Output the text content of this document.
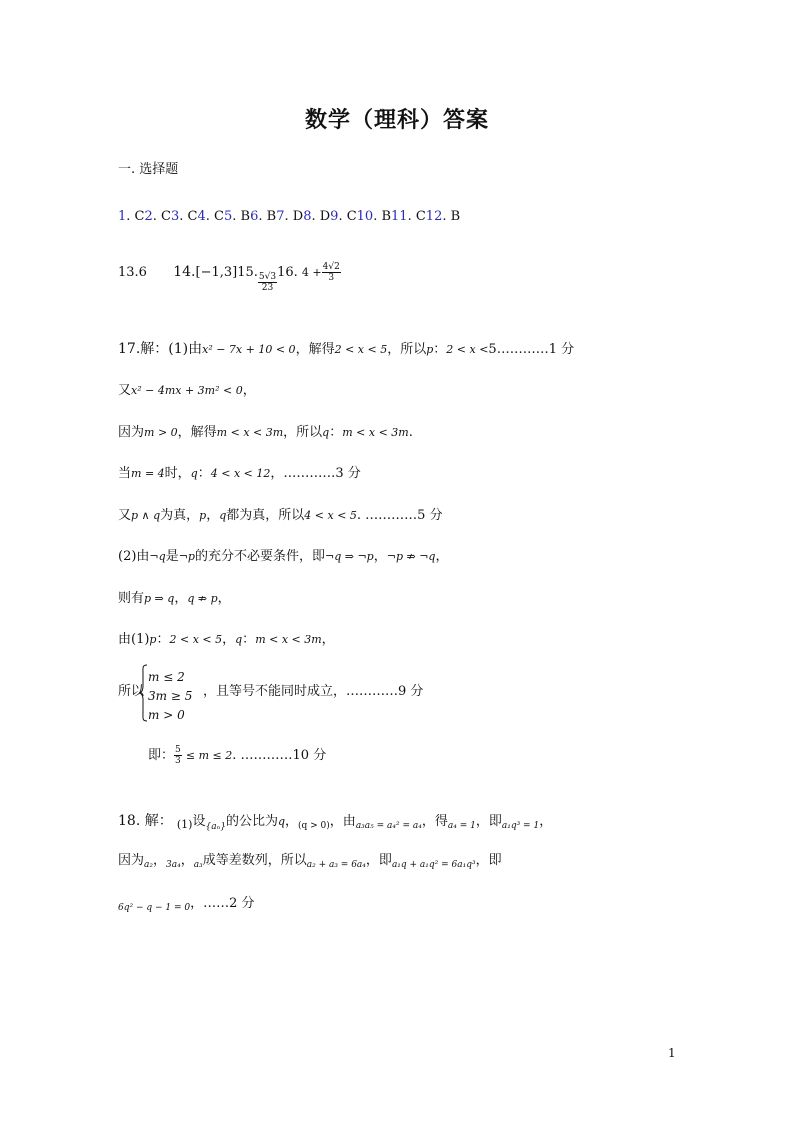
数学（理科）答案
一. 选择题
1. C2. C3. C4. C5. B6. B7. D8. D9. C10. B11. C12. B
13.6 14.[−1,3]15. $\frac{5√3}{23} 16$. $4 + \frac{4√2}{3}$
17.解：(1)由x² − 7x + 10 < 0，解得2 < x < 5，所以p：2 < x <5…………1 分
又x² − 4mx + 3m² < 0，
因为m > 0，解得m < x < 3m，所以q：m < x < 3m.
当m = 4时，q：4 < x < 12，…………3 分
又p ∧ q为真，p，q都为真，所以4 < x < 5. …………5 分
(2)由¬q是¬p的充分不必要条件，即¬q ⇒ ¬p，¬p ⇏ ¬q，
则有p ⇒ q，q ⇏ p，
由(1)p：2 < x < 5，q：m < x < 3m，
所以
m ≤ 2
3m ≥ 5
m > 0
，且等号不能同时成立，…………9 分
即： $\frac{5}{3} \le m \le 2$. …………10 分
18. 解： $_{(1)}$设$_{\{a_n\}}$的公比为q，$_{(q > 0)}$，由$_{a_3a_5 = a_4^2 = a_4}$，得$_{a_4 = 1}$，即$_{a_1q^3 = 1}$，
因为$_{a_2}$，$_{3a_4}$，$_{a_3}$成等差数列，所以$_{a_2 + a_3 = 6a_4}$，即$_{a_1q + a_1q^2 = 6a_1q^3}$，即
$_{6q^2 - q - 1 = 0}$，……2 分
1
